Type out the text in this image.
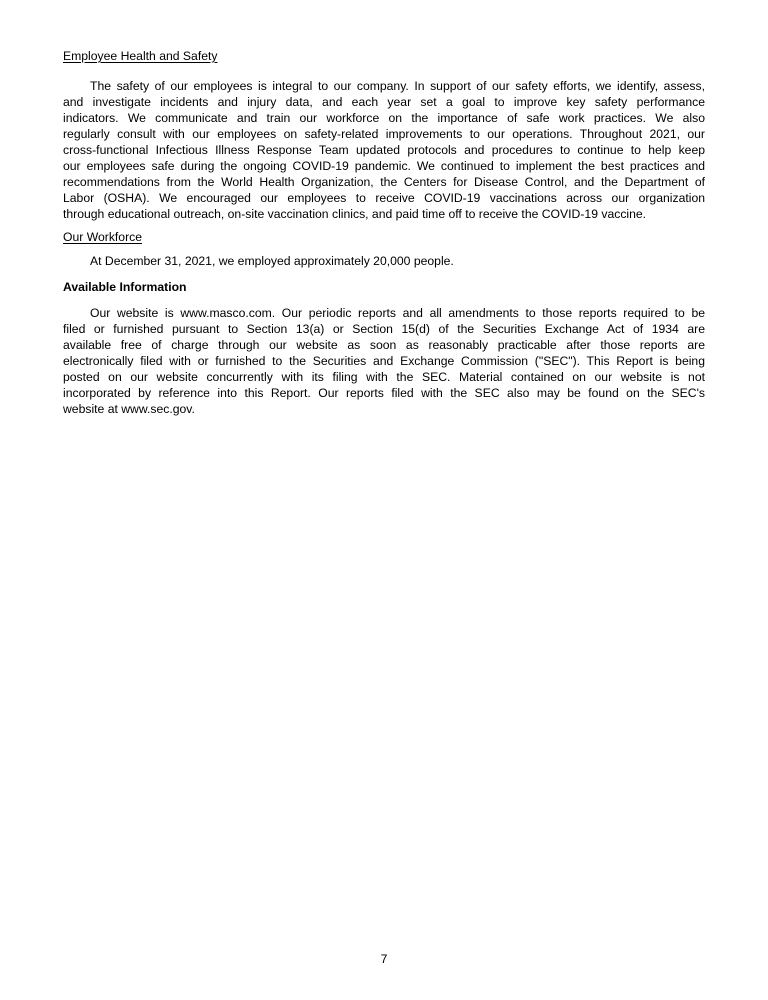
Employee Health and Safety
The safety of our employees is integral to our company. In support of our safety efforts, we identify, assess,
and investigate incidents and injury data, and each year set a goal to improve key safety performance
indicators. We communicate and train our workforce on the importance of safe work practices. We also
regularly consult with our employees on safety-related improvements to our operations. Throughout 2021, our
cross-functional Infectious Illness Response Team updated protocols and procedures to continue to help keep
our employees safe during the ongoing COVID-19 pandemic. We continued to implement the best practices and
recommendations from the World Health Organization, the Centers for Disease Control, and the Department of
Labor (OSHA). We encouraged our employees to receive COVID-19 vaccinations across our organization
through educational outreach, on-site vaccination clinics, and paid time off to receive the COVID-19 vaccine.
Our Workforce
At December 31, 2021, we employed approximately 20,000 people.
Available Information
Our website is www.masco.com. Our periodic reports and all amendments to those reports required to be
filed or furnished pursuant to Section 13(a) or Section 15(d) of the Securities Exchange Act of 1934 are
available free of charge through our website as soon as reasonably practicable after those reports are
electronically filed with or furnished to the Securities and Exchange Commission ("SEC"). This Report is being
posted on our website concurrently with its filing with the SEC. Material contained on our website is not
incorporated by reference into this Report. Our reports filed with the SEC also may be found on the SEC's
website at www.sec.gov.
7
